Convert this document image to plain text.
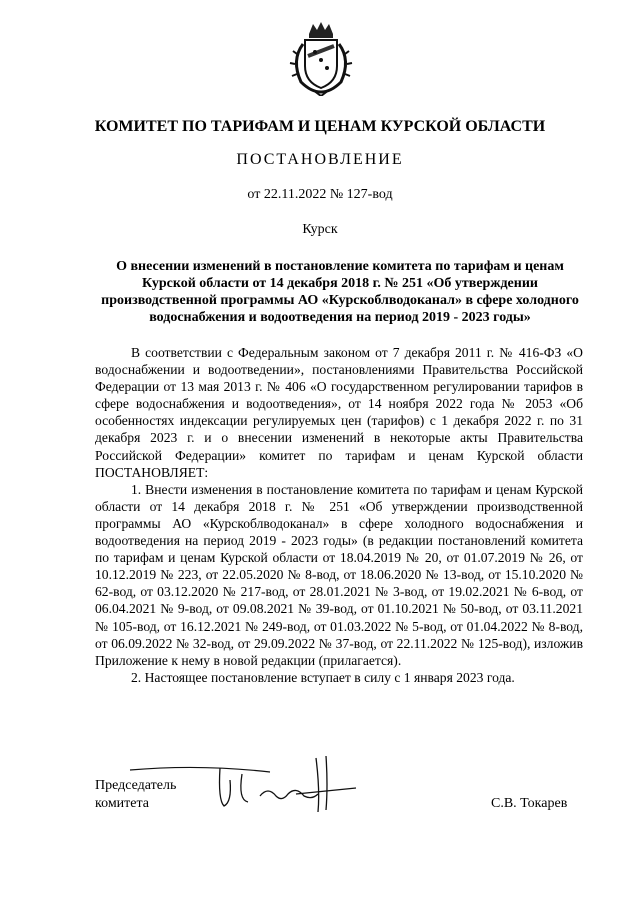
КОМИТЕТ ПО ТАРИФАМ И ЦЕНАМ КУРСКОЙ ОБЛАСТИ
ПОСТАНОВЛЕНИЕ
от 22.11.2022 № 127-вод
Курск
О внесении изменений в постановление комитета по тарифам и ценам Курской области от 14 декабря 2018 г. № 251 «Об утверждении производственной программы АО «Курскоблводоканал» в сфере холодного водоснабжения и водоотведения на период 2019 - 2023 годы»

В соответствии с Федеральным законом от 7 декабря 2011 г. № 416-ФЗ «О водоснабжении и водоотведении», постановлениями Правительства Российской Федерации от 13 мая 2013 г. № 406 «О государственном регулировании тарифов в сфере водоснабжения и водоотведения», от 14 ноября 2022 года № 2053 «Об особенностях индексации регулируемых цен (тарифов) с 1 декабря 2022 г. по 31 декабря 2023 г. и о внесении изменений в некоторые акты Правительства Российской Федерации» комитет по тарифам и ценам Курской области ПОСТАНОВЛЯЕТ:

1. Внести изменения в постановление комитета по тарифам и ценам Курской области от 14 декабря 2018 г. № 251 «Об утверждении производственной программы АО «Курскоблводоканал» в сфере холодного водоснабжения и водоотведения на период 2019 - 2023 годы» (в редакции постановлений комитета по тарифам и ценам Курской области от 18.04.2019 № 20, от 01.07.2019 № 26, от 10.12.2019 № 223, от 22.05.2020 № 8-вод, от 18.06.2020 № 13-вод, от 15.10.2020 № 62-вод, от 03.12.2020 № 217-вод, от 28.01.2021 № 3-вод, от 19.02.2021 № 6-вод, от 06.04.2021 № 9-вод, от 09.08.2021 № 39-вод, от 01.10.2021 № 50-вод, от 03.11.2021 № 105-вод, от 16.12.2021 № 249-вод, от 01.03.2022 № 5-вод, от 01.04.2022 № 8-вод, от 06.09.2022 № 32-вод, от 29.09.2022 № 37-вод, от 22.11.2022 № 125-вод), изложив Приложение к нему в новой редакции (прилагается).

2. Настоящее постановление вступает в силу с 1 января 2023 года.

Председатель
комитета	С.В. Токарев
